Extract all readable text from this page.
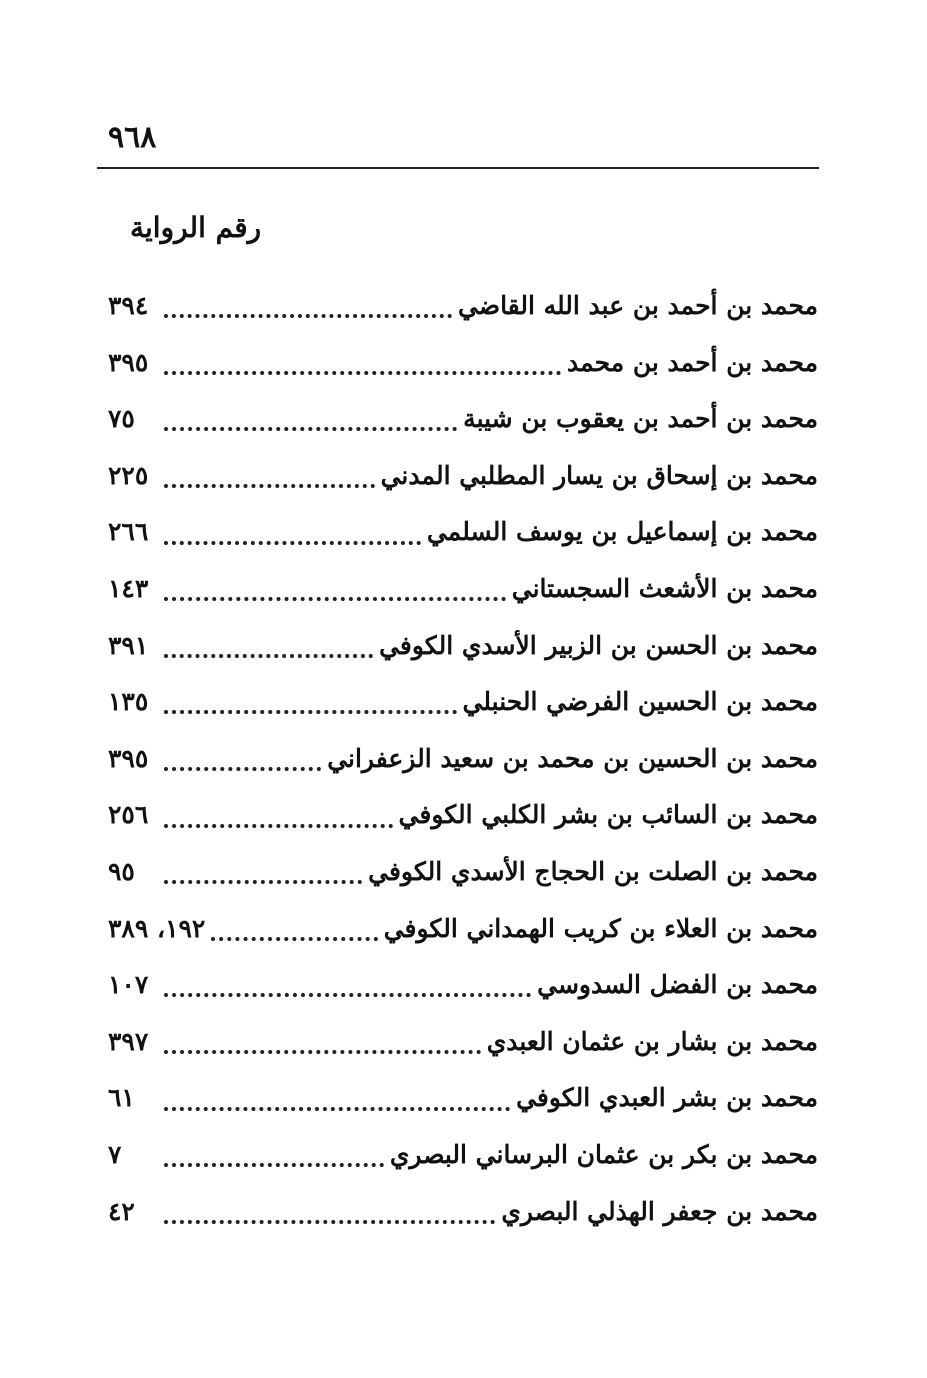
٩٦٨
رقم الرواية
محمد بن أحمد بن عبد الله القاضي
٣٩٤
محمد بن أحمد بن محمد
٣٩٥
محمد بن أحمد بن يعقوب بن شيبة
٧٥
محمد بن إسحاق بن يسار المطلبي المدني
٢٢٥
محمد بن إسماعيل بن يوسف السلمي
٢٦٦
محمد بن الأشعث السجستاني
١٤٣
محمد بن الحسن بن الزبير الأسدي الكوفي
٣٩١
محمد بن الحسين الفرضي الحنبلي
١٣٥
محمد بن الحسين بن محمد بن سعيد الزعفراني
٣٩٥
محمد بن السائب بن بشر الكلبي الكوفي
٢٥٦
محمد بن الصلت بن الحجاج الأسدي الكوفي
٩٥
محمد بن العلاء بن كريب الهمداني الكوفي
١٩٢، ٣٨٩
محمد بن الفضل السدوسي
١٠٧
محمد بن بشار بن عثمان العبدي
٣٩٧
محمد بن بشر العبدي الكوفي
٦١
محمد بن بكر بن عثمان البرساني البصري
٧
محمد بن جعفر الهذلي البصري
٤٢
